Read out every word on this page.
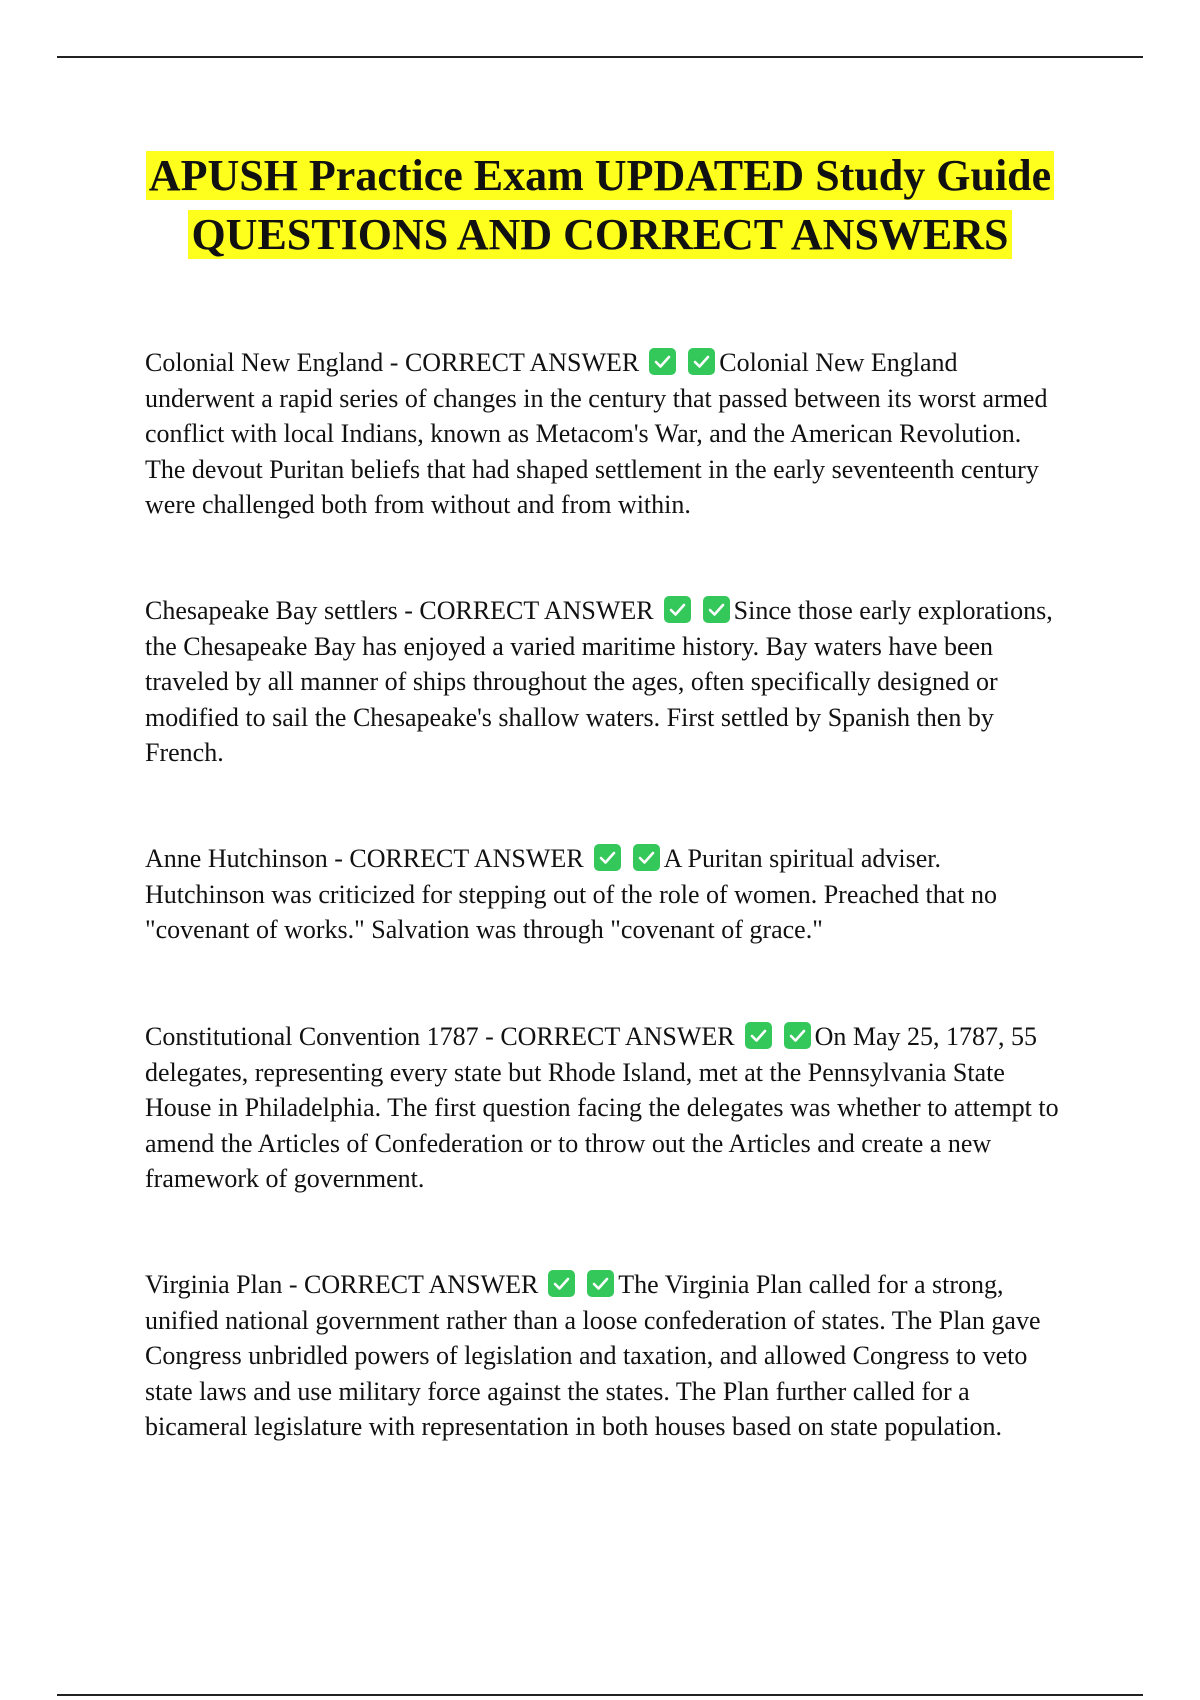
APUSH Practice Exam UPDATED Study Guide QUESTIONS AND CORRECT ANSWERS
Colonial New England - CORRECT ANSWER	Colonial New England underwent a rapid series of changes in the century that passed between its worst armed conflict with local Indians, known as Metacom's War, and the American Revolution. The devout Puritan beliefs that had shaped settlement in the early seventeenth century were challenged both from without and from within.
Chesapeake Bay settlers - CORRECT ANSWER	Since those early explorations, the Chesapeake Bay has enjoyed a varied maritime history. Bay waters have been traveled by all manner of ships throughout the ages, often specifically designed or modified to sail the Chesapeake's shallow waters. First settled by Spanish then by French.
Anne Hutchinson - CORRECT ANSWER	A Puritan spiritual adviser. Hutchinson was criticized for stepping out of the role of women. Preached that no "covenant of works." Salvation was through "covenant of grace."
Constitutional Convention 1787 - CORRECT ANSWER	On May 25, 1787, 55 delegates, representing every state but Rhode Island, met at the Pennsylvania State House in Philadelphia. The first question facing the delegates was whether to attempt to amend the Articles of Confederation or to throw out the Articles and create a new framework of government.
Virginia Plan - CORRECT ANSWER	The Virginia Plan called for a strong, unified national government rather than a loose confederation of states. The Plan gave Congress unbridled powers of legislation and taxation, and allowed Congress to veto state laws and use military force against the states. The Plan further called for a bicameral legislature with representation in both houses based on state population.
